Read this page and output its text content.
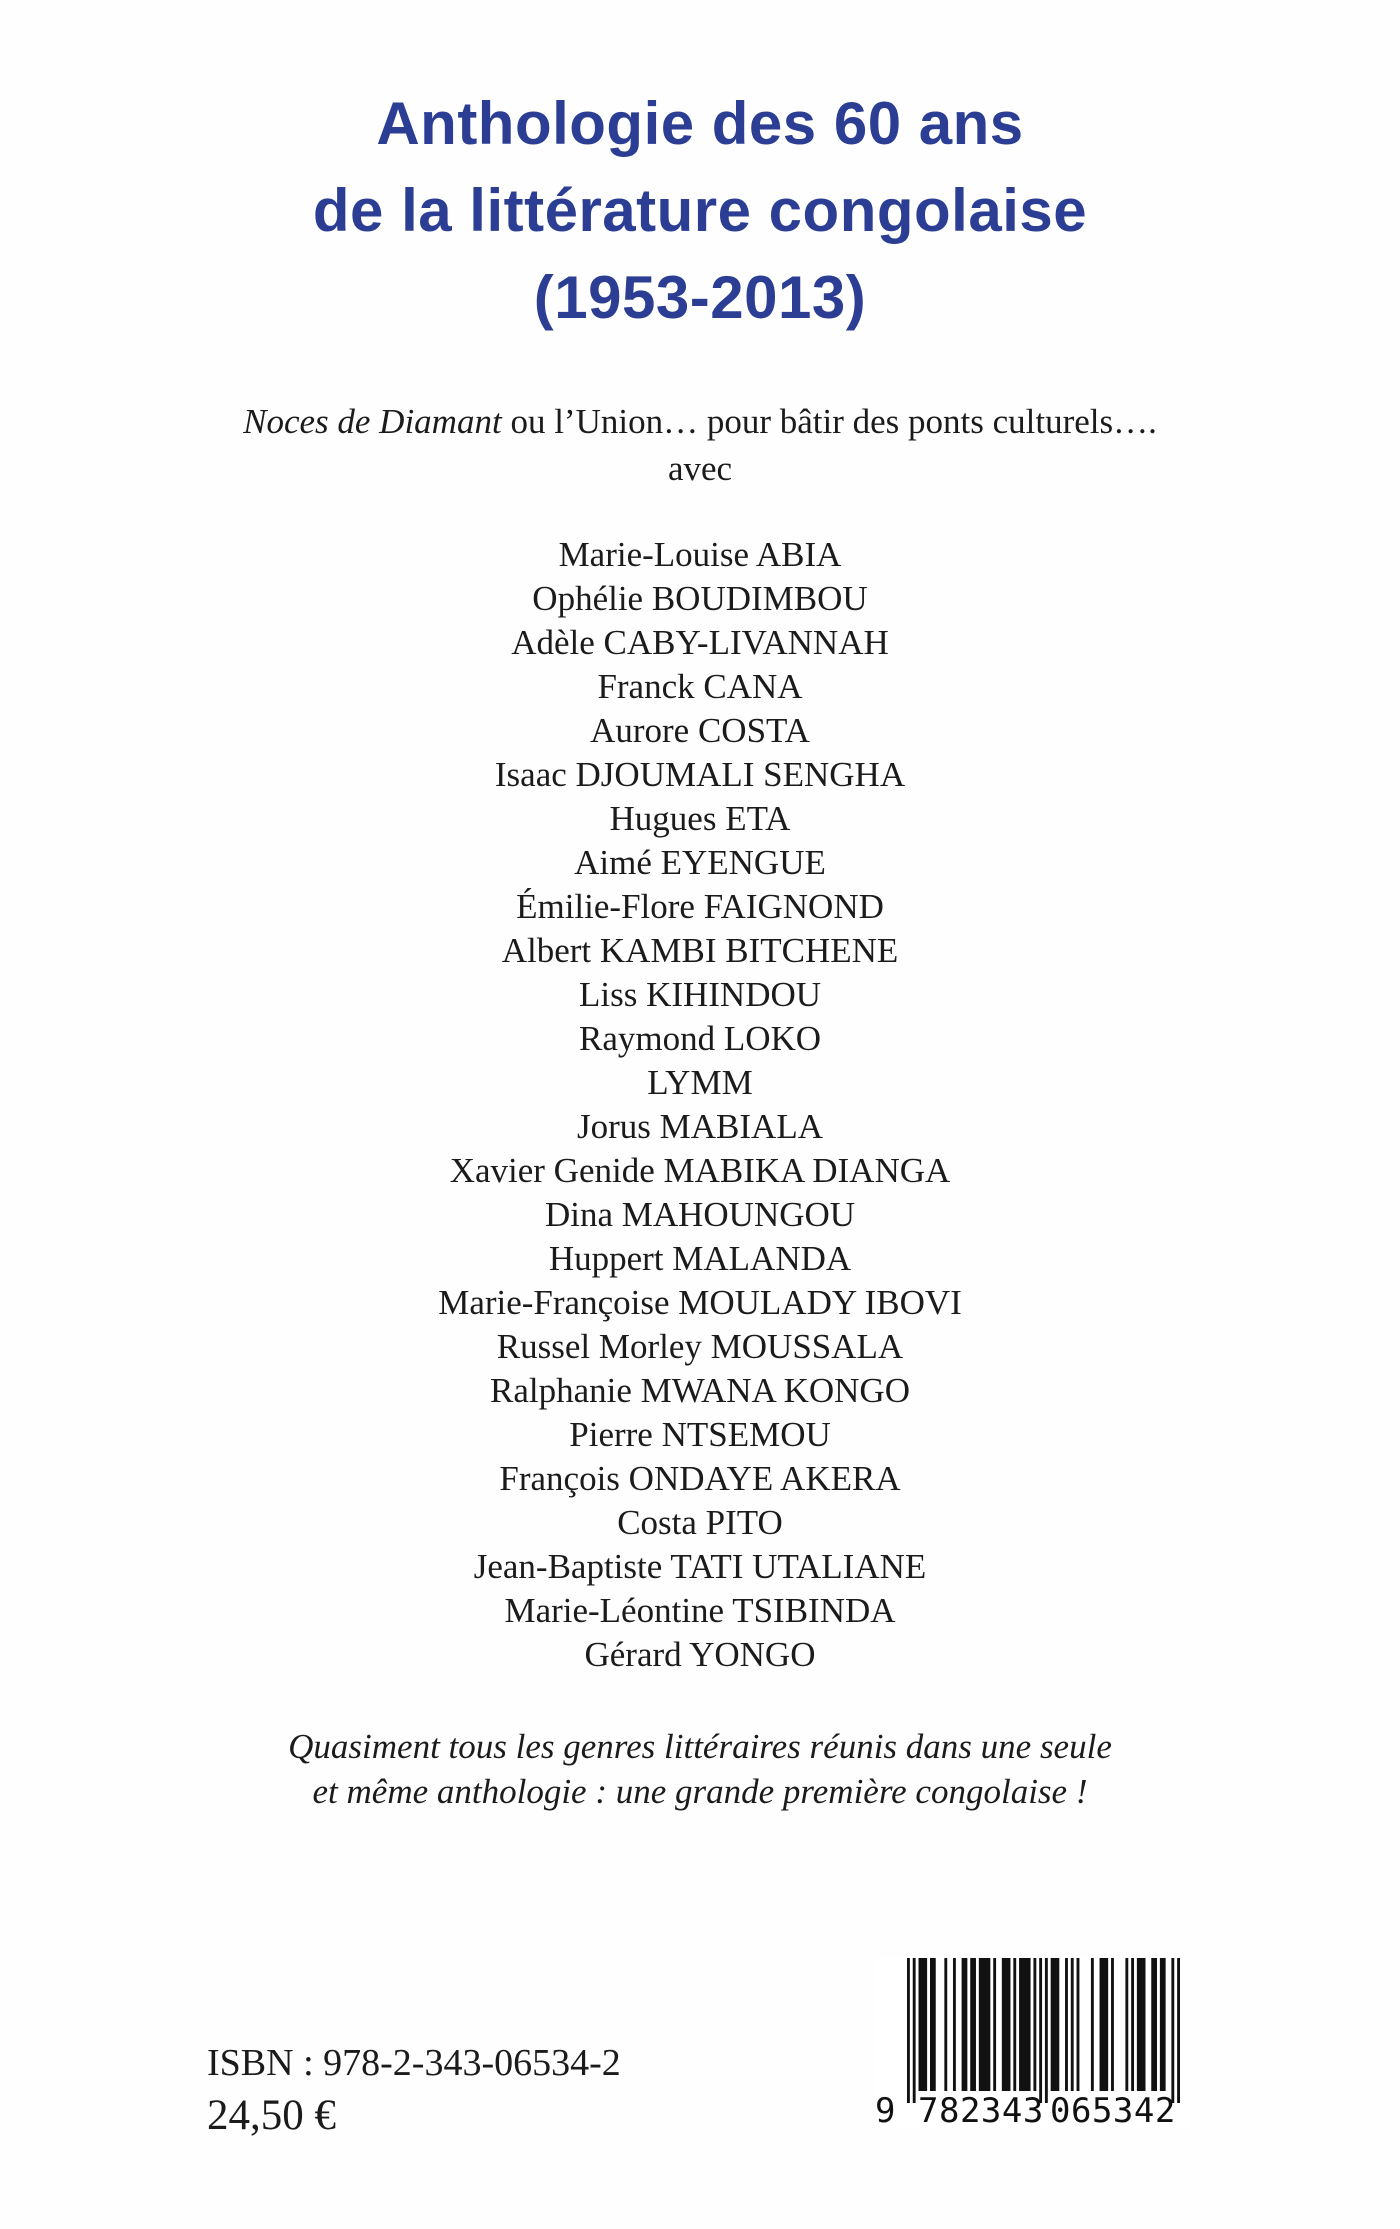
Anthologie des 60 ans
de la littérature congolaise
(1953-2013)
Noces de Diamant ou l’Union… pour bâtir des ponts culturels….
avec
Marie-Louise ABIA
Ophélie BOUDIMBOU
Adèle CABY-LIVANNAH
Franck CANA
Aurore COSTA
Isaac DJOUMALI SENGHA
Hugues ETA
Aimé EYENGUE
Émilie-Flore FAIGNOND
Albert KAMBI BITCHENE
Liss KIHINDOU
Raymond LOKO
LYMM
Jorus MABIALA
Xavier Genide MABIKA DIANGA
Dina MAHOUNGOU
Huppert MALANDA
Marie-Françoise MOULADY IBOVI
Russel Morley MOUSSALA
Ralphanie MWANA KONGO
Pierre NTSEMOU
François ONDAYE AKERA
Costa PITO
Jean-Baptiste TATI UTALIANE
Marie-Léontine TSIBINDA
Gérard YONGO
Quasiment tous les genres littéraires réunis dans une seule
et même anthologie : une grande première congolaise !
ISBN : 978-2-343-06534-2
24,50 €	9 782343 065342
